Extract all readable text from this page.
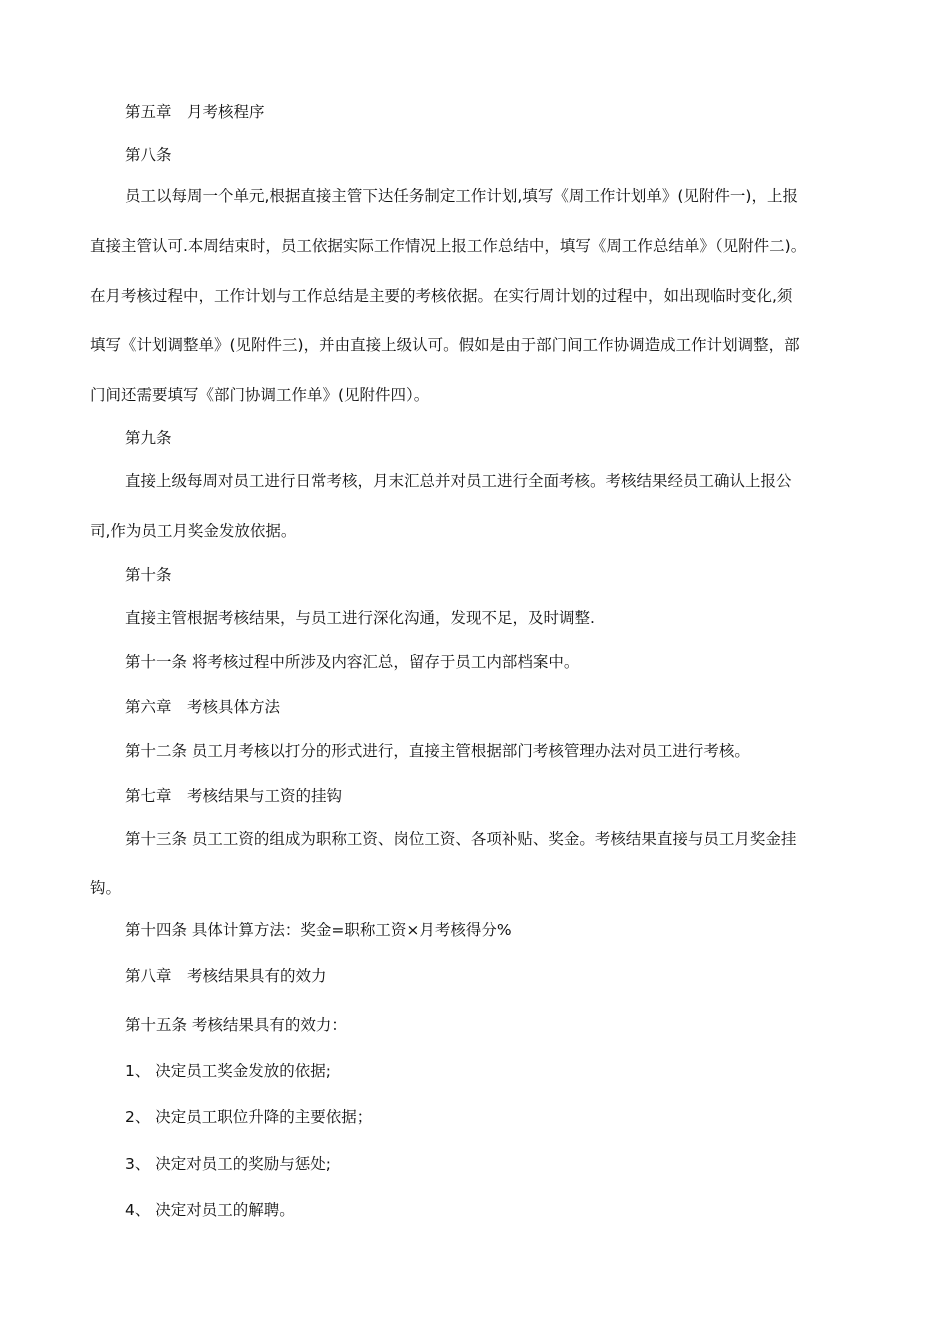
第五章　月考核程序
第八条
员工以每周一个单元,根据直接主管下达任务制定工作计划,填写《周工作计划单》(见附件一)，上报
直接主管认可.本周结束时，员工依据实际工作情况上报工作总结中，填写《周工作总结单》（见附件二)。
在月考核过程中，工作计划与工作总结是主要的考核依据。在实行周计划的过程中，如出现临时变化,须
填写《计划调整单》(见附件三)，并由直接上级认可。假如是由于部门间工作协调造成工作计划调整，部
门间还需要填写《部门协调工作单》(见附件四）。
第九条
直接上级每周对员工进行日常考核，月末汇总并对员工进行全面考核。考核结果经员工确认上报公
司,作为员工月奖金发放依据。
第十条
直接主管根据考核结果，与员工进行深化沟通，发现不足，及时调整.
第十一条 将考核过程中所涉及内容汇总，留存于员工内部档案中。
第六章　考核具体方法
第十二条 员工月考核以打分的形式进行，直接主管根据部门考核管理办法对员工进行考核。
第七章　考核结果与工资的挂钩
第十三条 员工工资的组成为职称工资、岗位工资、各项补贴、奖金。考核结果直接与员工月奖金挂
钩。
第十四条 具体计算方法：奖金=职称工资×月考核得分%
第八章　考核结果具有的效力
第十五条 考核结果具有的效力：
1、 决定员工奖金发放的依据;
2、 决定员工职位升降的主要依据；
3、 决定对员工的奖励与惩处;
4、 决定对员工的解聘。
